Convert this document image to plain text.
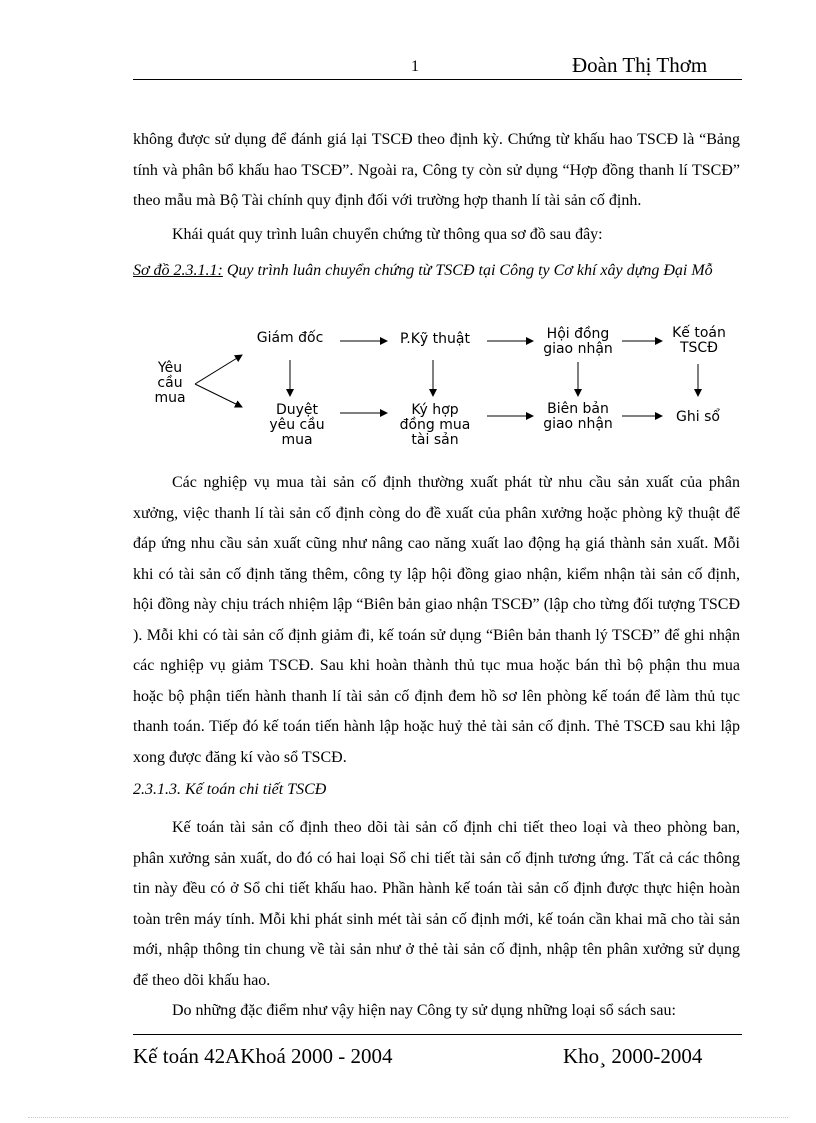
1	Đoàn Thị Thơm

không được sử dụng để đánh giá lại TSCĐ theo định kỳ. Chứng từ khấu hao TSCĐ là “Bảng tính và phân bổ khấu hao TSCĐ”. Ngoài ra, Công ty còn sử dụng “Hợp đồng thanh lí TSCĐ” theo mẫu mà Bộ Tài chính quy định đối với trường hợp thanh lí tài sản cố định.

Khái quát quy trình luân chuyển chứng từ thông qua sơ đồ sau đây:

Sơ đồ 2.3.1.1: Quy trình luân chuyển chứng từ TSCĐ tại Công ty Cơ khí xây dựng Đại Mỗ

Yêu
cầu
mua
Giám đốc	P.Kỹ thuật	Hội đồng
giao nhận
Kế toán
TSCĐ
Duyệt
yêu cầu
mua
Ký hợp
đồng mua
tài sản
Biên bản
giao nhận	Ghi sổ

Các nghiệp vụ mua tài sản cố định thường xuất phát từ nhu cầu sản xuất của phân xưởng, việc thanh lí tài sản cố định còng do đề xuất của phân xưởng hoặc phòng kỹ thuật để đáp ứng nhu cầu sản xuất cũng như nâng cao năng xuất lao động hạ giá thành sản xuất. Mỗi khi có tài sản cố định tăng thêm, công ty lập hội đồng giao nhận, kiểm nhận tài sản cố định, hội đồng này chịu trách nhiệm lập “Biên bản giao nhận TSCĐ” (lập cho từng đối tượng TSCĐ ). Mỗi khi có tài sản cố định giảm đi, kế toán sử dụng “Biên bản thanh lý TSCĐ” để ghi nhận các nghiệp vụ giảm TSCĐ. Sau khi hoàn thành thủ tục mua hoặc bán thì bộ phận thu mua hoặc bộ phận tiến hành thanh lí tài sản cố định đem hồ sơ lên phòng kế toán để làm thủ tục thanh toán. Tiếp đó kế toán tiến hành lập hoặc huỷ thẻ tài sản cố định. Thẻ TSCĐ sau khi lập xong được đăng kí vào sổ TSCĐ.

2.3.1.3. Kế toán chi tiết TSCĐ

Kế toán tài sản cố định theo dõi tài sản cố định chi tiết theo loại và theo phòng ban, phân xưởng sản xuất, do đó có hai loại Sổ chi tiết tài sản cố định tương ứng. Tất cả các thông tin này đều có ở Sổ chi tiết khấu hao. Phần hành kế toán tài sản cố định được thực hiện hoàn toàn trên máy tính. Mỗi khi phát sinh mét tài sản cố định mới, kế toán cần khai mã cho tài sản mới, nhập thông tin chung về tài sản như ở thẻ tài sản cố định, nhập tên phân xưởng sử dụng để theo dõi khấu hao.

Do những đặc điểm như vậy hiện nay Công ty sử dụng những loại sổ sách sau:

Kế toán 42AKhoá 2000 - 2004	Kho¸ 2000-2004
